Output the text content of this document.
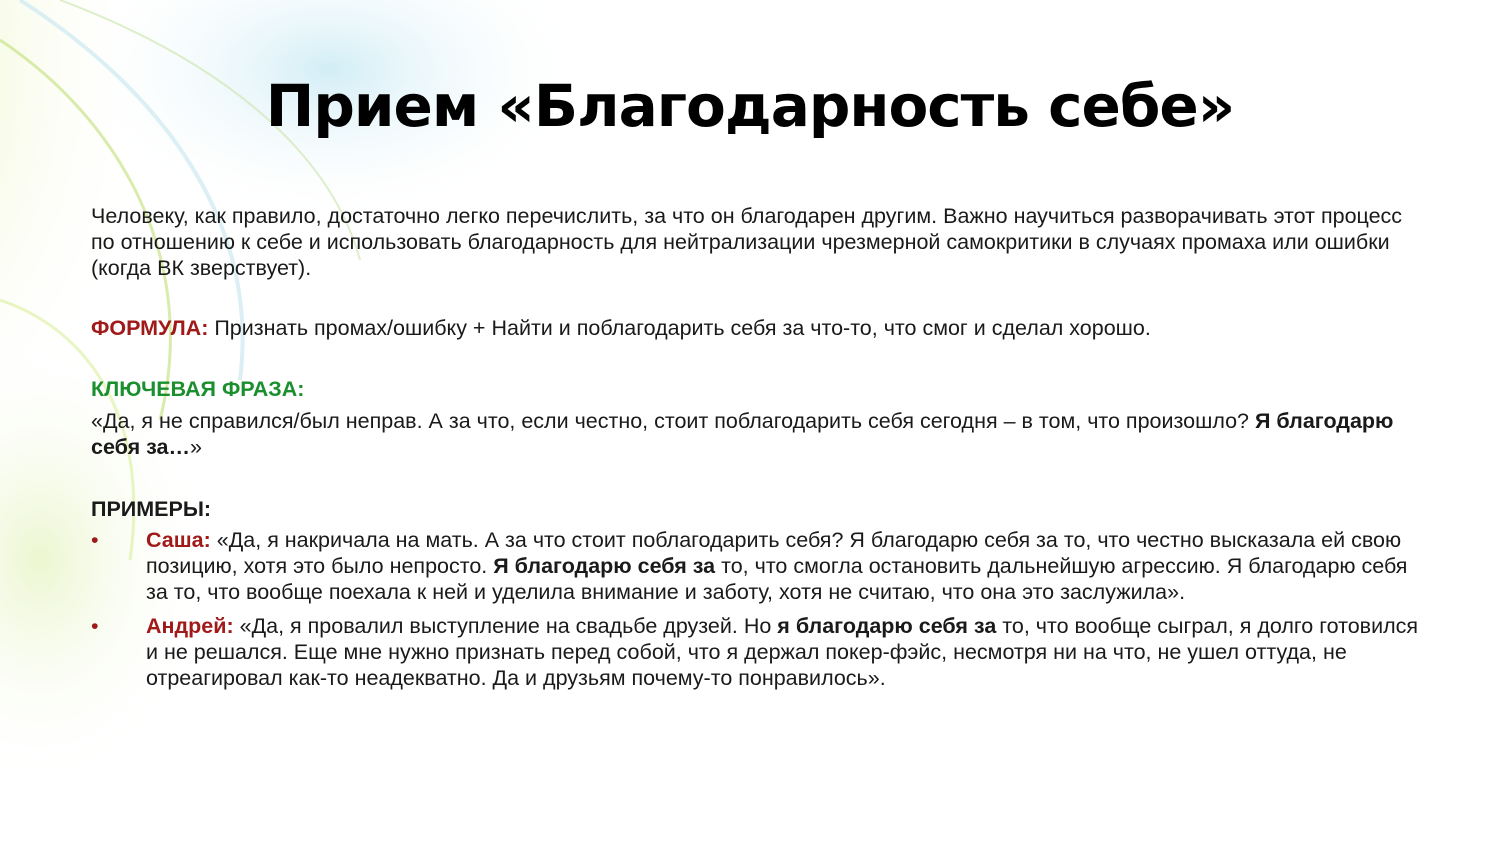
Прием «Благодарность себе»

Человеку, как правило, достаточно легко перечислить, за что он благодарен другим. Важно научиться разворачивать этот процесс по отношению к себе и использовать благодарность для нейтрализации чрезмерной самокритики в случаях промаха или ошибки (когда ВК зверствует).

ФОРМУЛА: Признать промах/ошибку + Найти и поблагодарить себя за что-то, что смог и сделал хорошо.

КЛЮЧЕВАЯ ФРАЗА:

«Да, я не справился/был неправ. А за что, если честно, стоит поблагодарить себя сегодня – в том, что произошло? Я благодарю себя за…»

ПРИМЕРЫ:

• Саша: «Да, я накричала на мать. А за что стоит поблагодарить себя? Я благодарю себя за то, что честно высказала ей свою позицию, хотя это было непросто. Я благодарю себя за то, что смогла остановить дальнейшую агрессию. Я благодарю себя за то, что вообще поехала к ней и уделила внимание и заботу, хотя не считаю, что она это заслужила».
• Андрей: «Да, я провалил выступление на свадьбе друзей. Но я благодарю себя за то, что вообще сыграл, я долго готовился и не решался. Еще мне нужно признать перед собой, что я держал покер-фэйс, несмотря ни на что, не ушел оттуда, не отреагировал как-то неадекватно. Да и друзьям почему-то понравилось».
